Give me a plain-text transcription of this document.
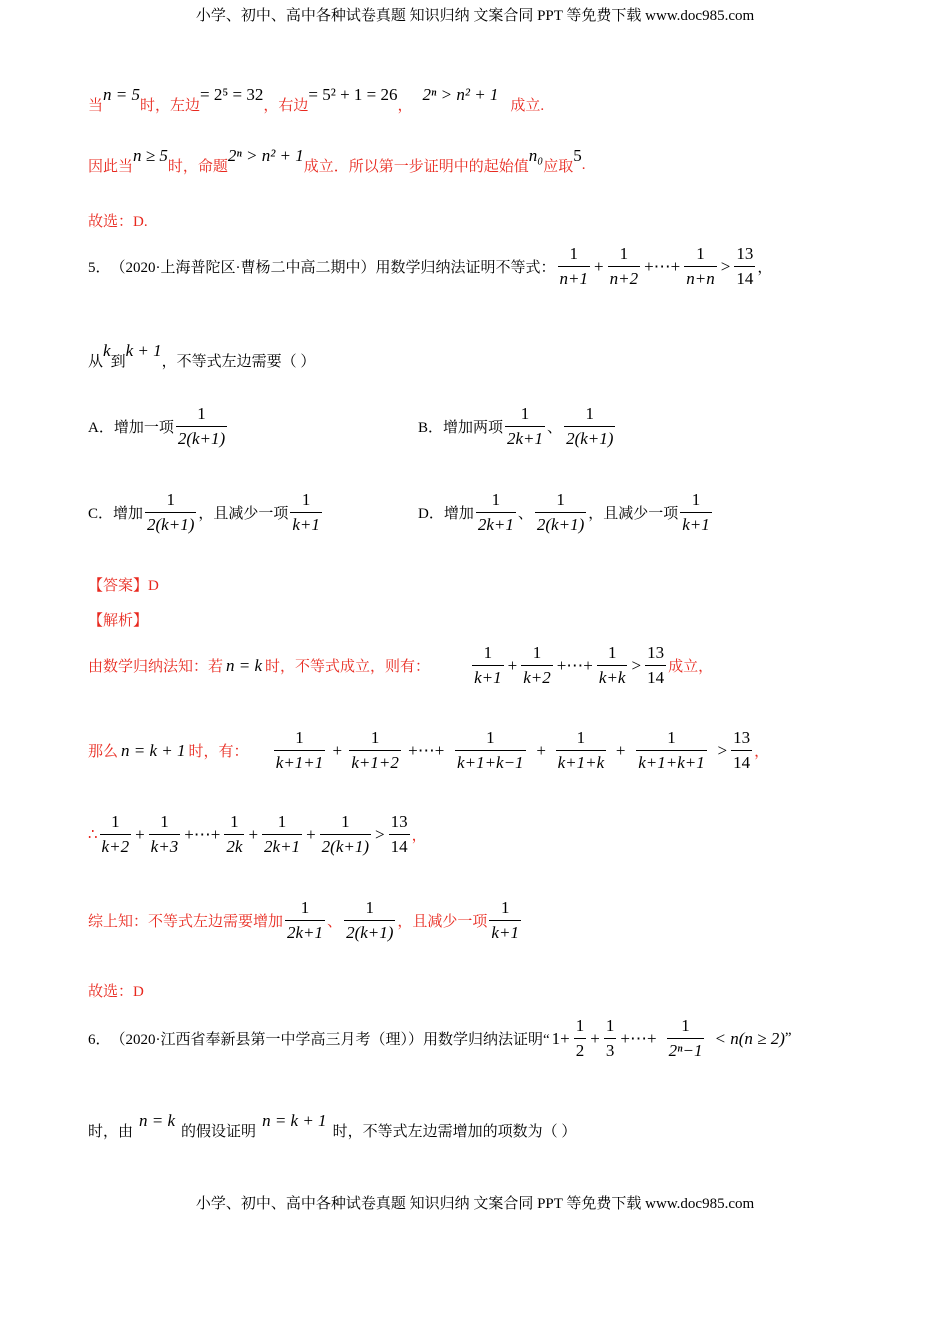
小学、初中、高中各种试卷真题 知识归纳 文案合同 PPT 等免费下载 www.doc985.com
当
n = 5
时，左边
= 2⁵ = 32
，右边
= 5² + 1 = 26
，
2ⁿ > n² + 1
成立.
因此当
n ≥ 5
时，命题
2ⁿ > n² + 1
成立．所以第一步证明中的起始值
n₀
应取
5
.
故选：D.
5． （2020·上海普陀区·曹杨二中高二期中）用数学归纳法证明不等式： $\frac{1}{n+1} + \frac{1}{n+2}$ +⋯+ $\frac{1}{n+n} > \frac{13}{14}$ ，
从
k
到
k + 1
，不等式左边需要（ ）
A．增加一项 $\frac{1}{2(k+1)}$	B．增加两项 $\frac{1}{2k+1}$ 、 $\frac{1}{2(k+1)}$
C．增加 $\frac{1}{2(k+1)}$ ，且减少一项 $\frac{1}{k+1}$	D．增加 $\frac{1}{2k+1}$ 、 $\frac{1}{2(k+1)}$ ，且减少一项 $\frac{1}{k+1}$
【答案】D
【解析】
由数学归纳法知：若 n = k 时，不等式成立，则有： $\frac{1}{k+1} + \frac{1}{k+2}$ +⋯+ $\frac{1}{k+k} > \frac{13}{14}$ 成立，
那么 n = k + 1 时，有： $\frac{1}{k+1+1} + \frac{1}{k+1+2}$ +⋯+ $\frac{1}{k+1+k-1} + \frac{1}{k+1+k} + \frac{1}{k+1+k+1} > \frac{13}{14}$ ，
∴ $\frac{1}{k+2} + \frac{1}{k+3}$ +⋯+ $\frac{1}{2k} + \frac{1}{2k+1} + \frac{1}{2(k+1)} > \frac{13}{14}$ ，
综上知：不等式左边需要增加 $\frac{1}{2k+1}$ 、 $\frac{1}{2(k+1)}$ ，且减少一项 $\frac{1}{k+1}$
故选：D
6． （2020·江西省奉新县第一中学高三月考（理））用数学归纳法证明“ $1+ \frac{1}{2} + \frac{1}{3}$ +⋯+ $\frac{1}{\text{2ⁿ−1}} < n(n \ge 2)$ ”
时，由
n = k
的假设证明
n = k + 1
时，不等式左边需增加的项数为（ ）
小学、初中、高中各种试卷真题 知识归纳 文案合同 PPT 等免费下载 www.doc985.com
